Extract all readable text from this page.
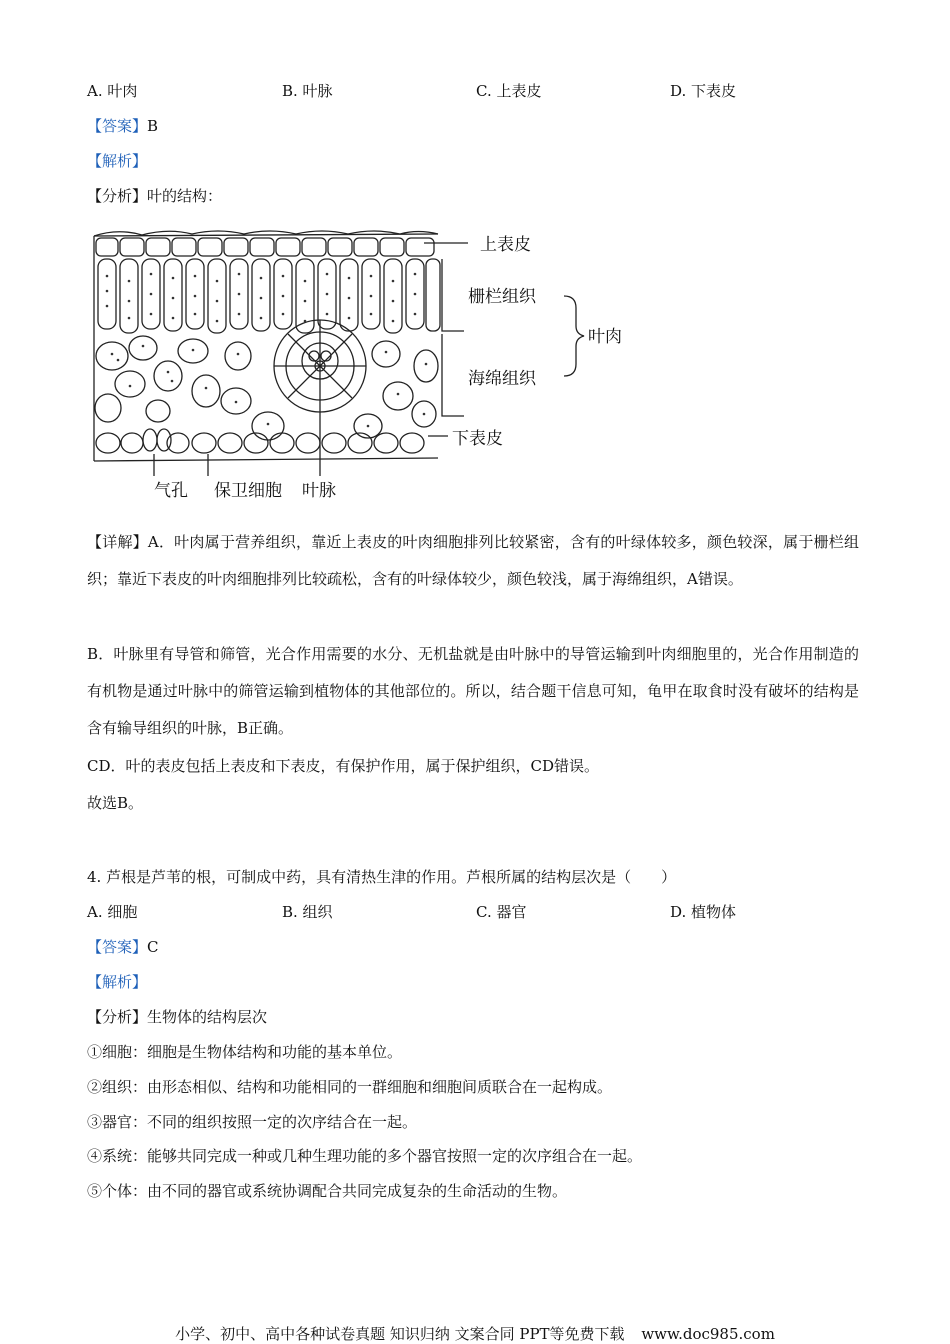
A. 叶肉	B. 叶脉	C. 上表皮	D. 下表皮
【答案】B
【解析】
【分析】叶的结构：
上表皮
栅栏组织
叶肉
海绵组织
下表皮
气孔 保卫细胞 叶脉
【详解】A．叶肉属于营养组织，靠近上表皮的叶肉细胞排列比较紧密，含有的叶绿体较多，颜色较深，属于栅栏组织；靠近下表皮的叶肉细胞排列比较疏松，含有的叶绿体较少，颜色较浅，属于海绵组织，A错误。
B．叶脉里有导管和筛管，光合作用需要的水分、无机盐就是由叶脉中的导管运输到叶肉细胞里的，光合作用制造的有机物是通过叶脉中的筛管运输到植物体的其他部位的。所以，结合题干信息可知，龟甲在取食时没有破坏的结构是含有输导组织的叶脉，B正确。
CD．叶的表皮包括上表皮和下表皮，有保护作用，属于保护组织，CD错误。
故选B。
4. 芦根是芦苇的根，可制成中药，具有清热生津的作用。芦根所属的结构层次是（　　）
A. 细胞	B. 组织	C. 器官	D. 植物体
【答案】C
【解析】
【分析】生物体的结构层次
①细胞：细胞是生物体结构和功能的基本单位。
②组织：由形态相似、结构和功能相同的一群细胞和细胞间质联合在一起构成。
③器官：不同的组织按照一定的次序结合在一起。
④系统：能够共同完成一种或几种生理功能的多个器官按照一定的次序组合在一起。
⑤个体：由不同的器官或系统协调配合共同完成复杂的生命活动的生物。
小学、初中、高中各种试卷真题 知识归纳 文案合同 PPT等免费下载 www.doc985.com
